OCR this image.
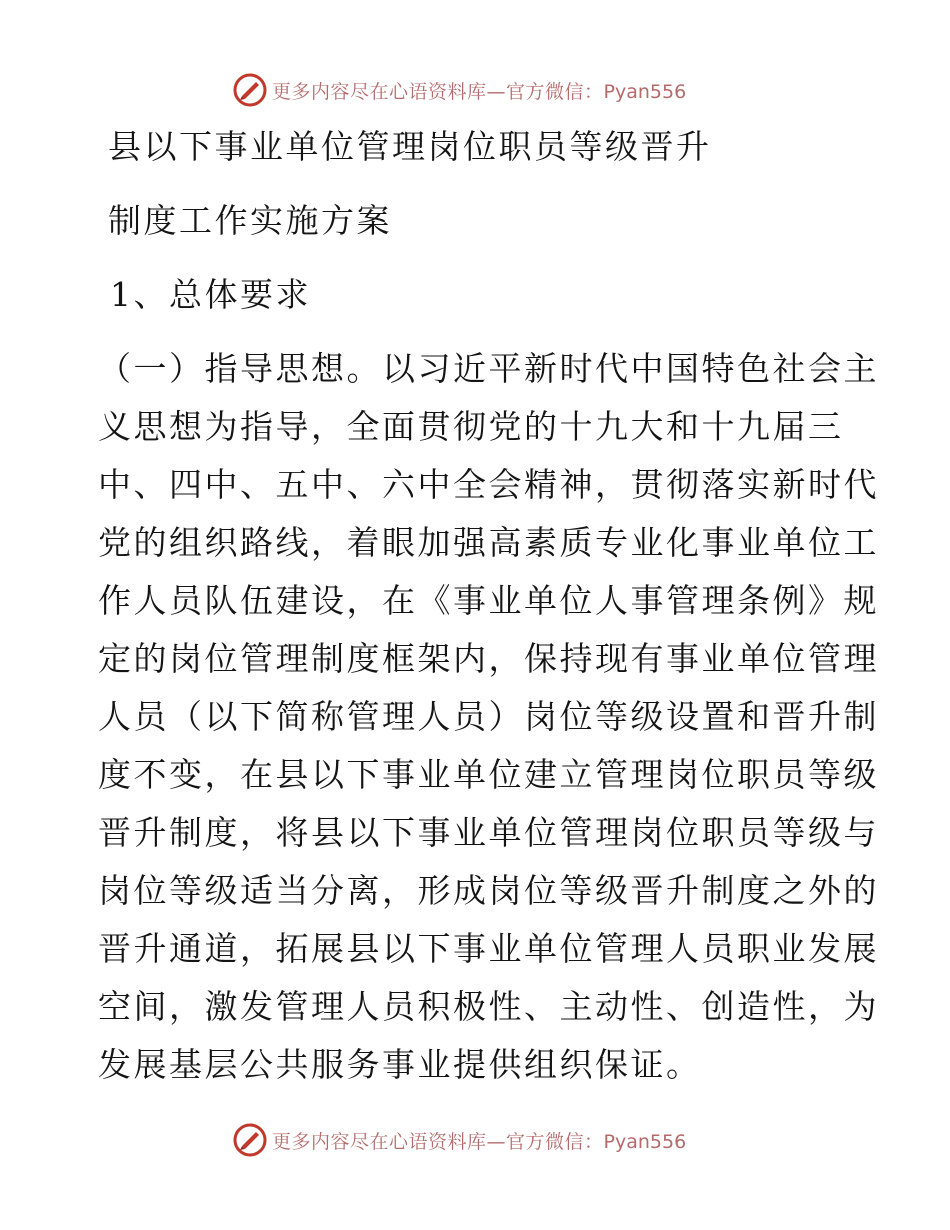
更多内容尽在心语资料库—官方微信：Pyan556
县以下事业单位管理岗位职员等级晋升
制度工作实施方案
1、总体要求
（一）指导思想。以习近平新时代中国特色社会主
义思想为指导，全面贯彻党的十九大和十九届三
中、四中、五中、六中全会精神，贯彻落实新时代
党的组织路线，着眼加强高素质专业化事业单位工
作人员队伍建设，在《事业单位人事管理条例》规
定的岗位管理制度框架内，保持现有事业单位管理
人员（以下简称管理人员）岗位等级设置和晋升制
度不变，在县以下事业单位建立管理岗位职员等级
晋升制度，将县以下事业单位管理岗位职员等级与
岗位等级适当分离，形成岗位等级晋升制度之外的
晋升通道，拓展县以下事业单位管理人员职业发展
空间，激发管理人员积极性、主动性、创造性，为
发展基层公共服务事业提供组织保证。
更多内容尽在心语资料库—官方微信：Pyan556
